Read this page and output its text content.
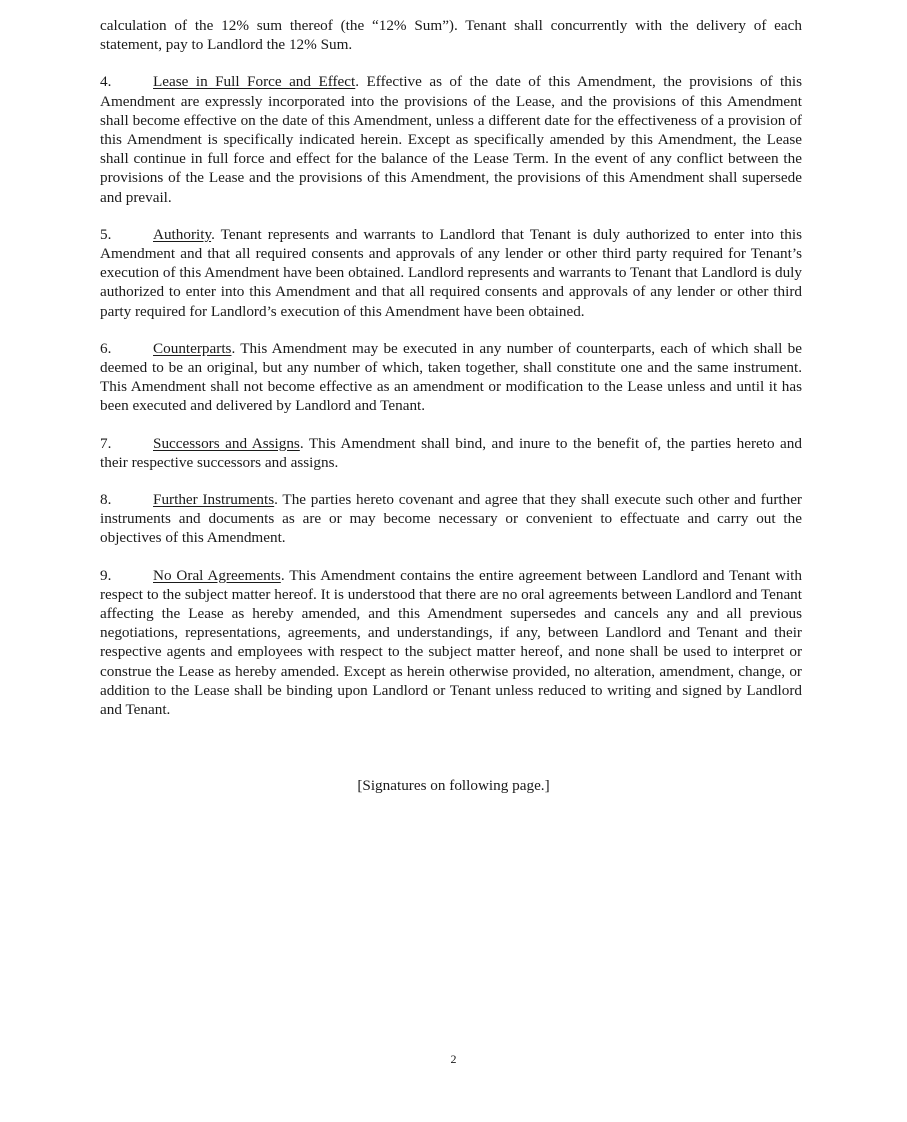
calculation of the 12% sum thereof (the “12% Sum”). Tenant shall concurrently with the delivery of each statement, pay to Landlord the 12% Sum.

4.	Lease in Full Force and Effect. Effective as of the date of this Amendment, the provisions of this Amendment are expressly incorporated into the provisions of the Lease, and the provisions of this Amendment shall become effective on the date of this Amendment, unless a different date for the effectiveness of a provision of this Amendment is specifically indicated herein. Except as specifically amended by this Amendment, the Lease shall continue in full force and effect for the balance of the Lease Term. In the event of any conflict between the provisions of the Lease and the provisions of this Amendment, the provisions of this Amendment shall supersede and prevail.

5.	Authority. Tenant represents and warrants to Landlord that Tenant is duly authorized to enter into this Amendment and that all required consents and approvals of any lender or other third party required for Tenant’s execution of this Amendment have been obtained. Landlord represents and warrants to Tenant that Landlord is duly authorized to enter into this Amendment and that all required consents and approvals of any lender or other third party required for Landlord’s execution of this Amendment have been obtained.

6.	Counterparts. This Amendment may be executed in any number of counterparts, each of which shall be deemed to be an original, but any number of which, taken together, shall constitute one and the same instrument. This Amendment shall not become effective as an amendment or modification to the Lease unless and until it has been executed and delivered by Landlord and Tenant.

7.	Successors and Assigns. This Amendment shall bind, and inure to the benefit of, the parties hereto and their respective successors and assigns.

8.	Further Instruments. The parties hereto covenant and agree that they shall execute such other and further instruments and documents as are or may become necessary or convenient to effectuate and carry out the objectives of this Amendment.

9.	No Oral Agreements. This Amendment contains the entire agreement between Landlord and Tenant with respect to the subject matter hereof. It is understood that there are no oral agreements between Landlord and Tenant affecting the Lease as hereby amended, and this Amendment supersedes and cancels any and all previous negotiations, representations, agreements, and understandings, if any, between Landlord and Tenant and their respective agents and employees with respect to the subject matter hereof, and none shall be used to interpret or construe the Lease as hereby amended. Except as herein otherwise provided, no alteration, amendment, change, or addition to the Lease shall be binding upon Landlord or Tenant unless reduced to writing and signed by Landlord and Tenant.

[Signatures on following page.]
2
